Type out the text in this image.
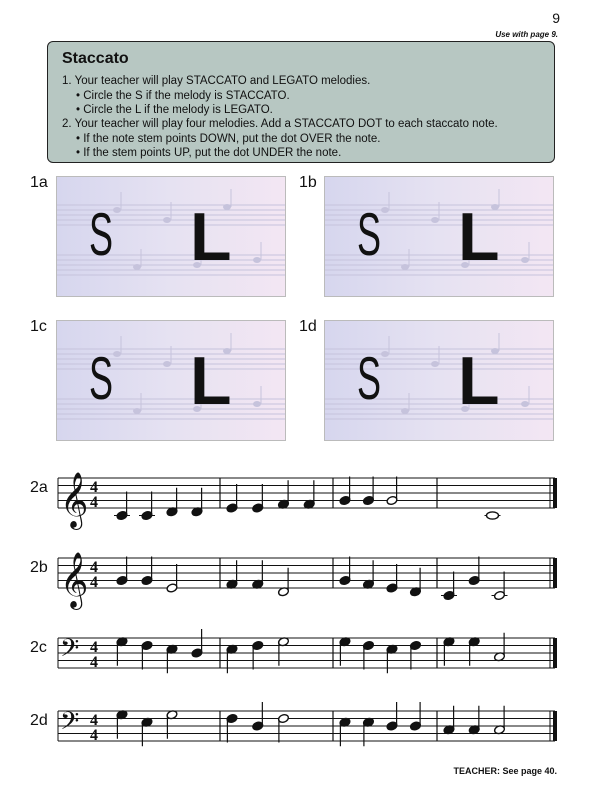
9
Use with page 9.
Staccato
1. Your teacher will play STACCATO and LEGATO melodies.
• Circle the S if the melody is STACCATO.
• Circle the L if the melody is LEGATO.
2. Your teacher will play four melodies. Add a STACCATO DOT to each staccato note.
• If the note stem points DOWN, put the dot OVER the note.
• If the stem points UP, put the dot UNDER the note.
1a
S L
1b
S L
1c
S L
1d
S L
2a 𝄞 4
4
2b 𝄞 4
4
2c 𝄢 4
4
2d 𝄢 4
4
TEACHER: See page 40.
